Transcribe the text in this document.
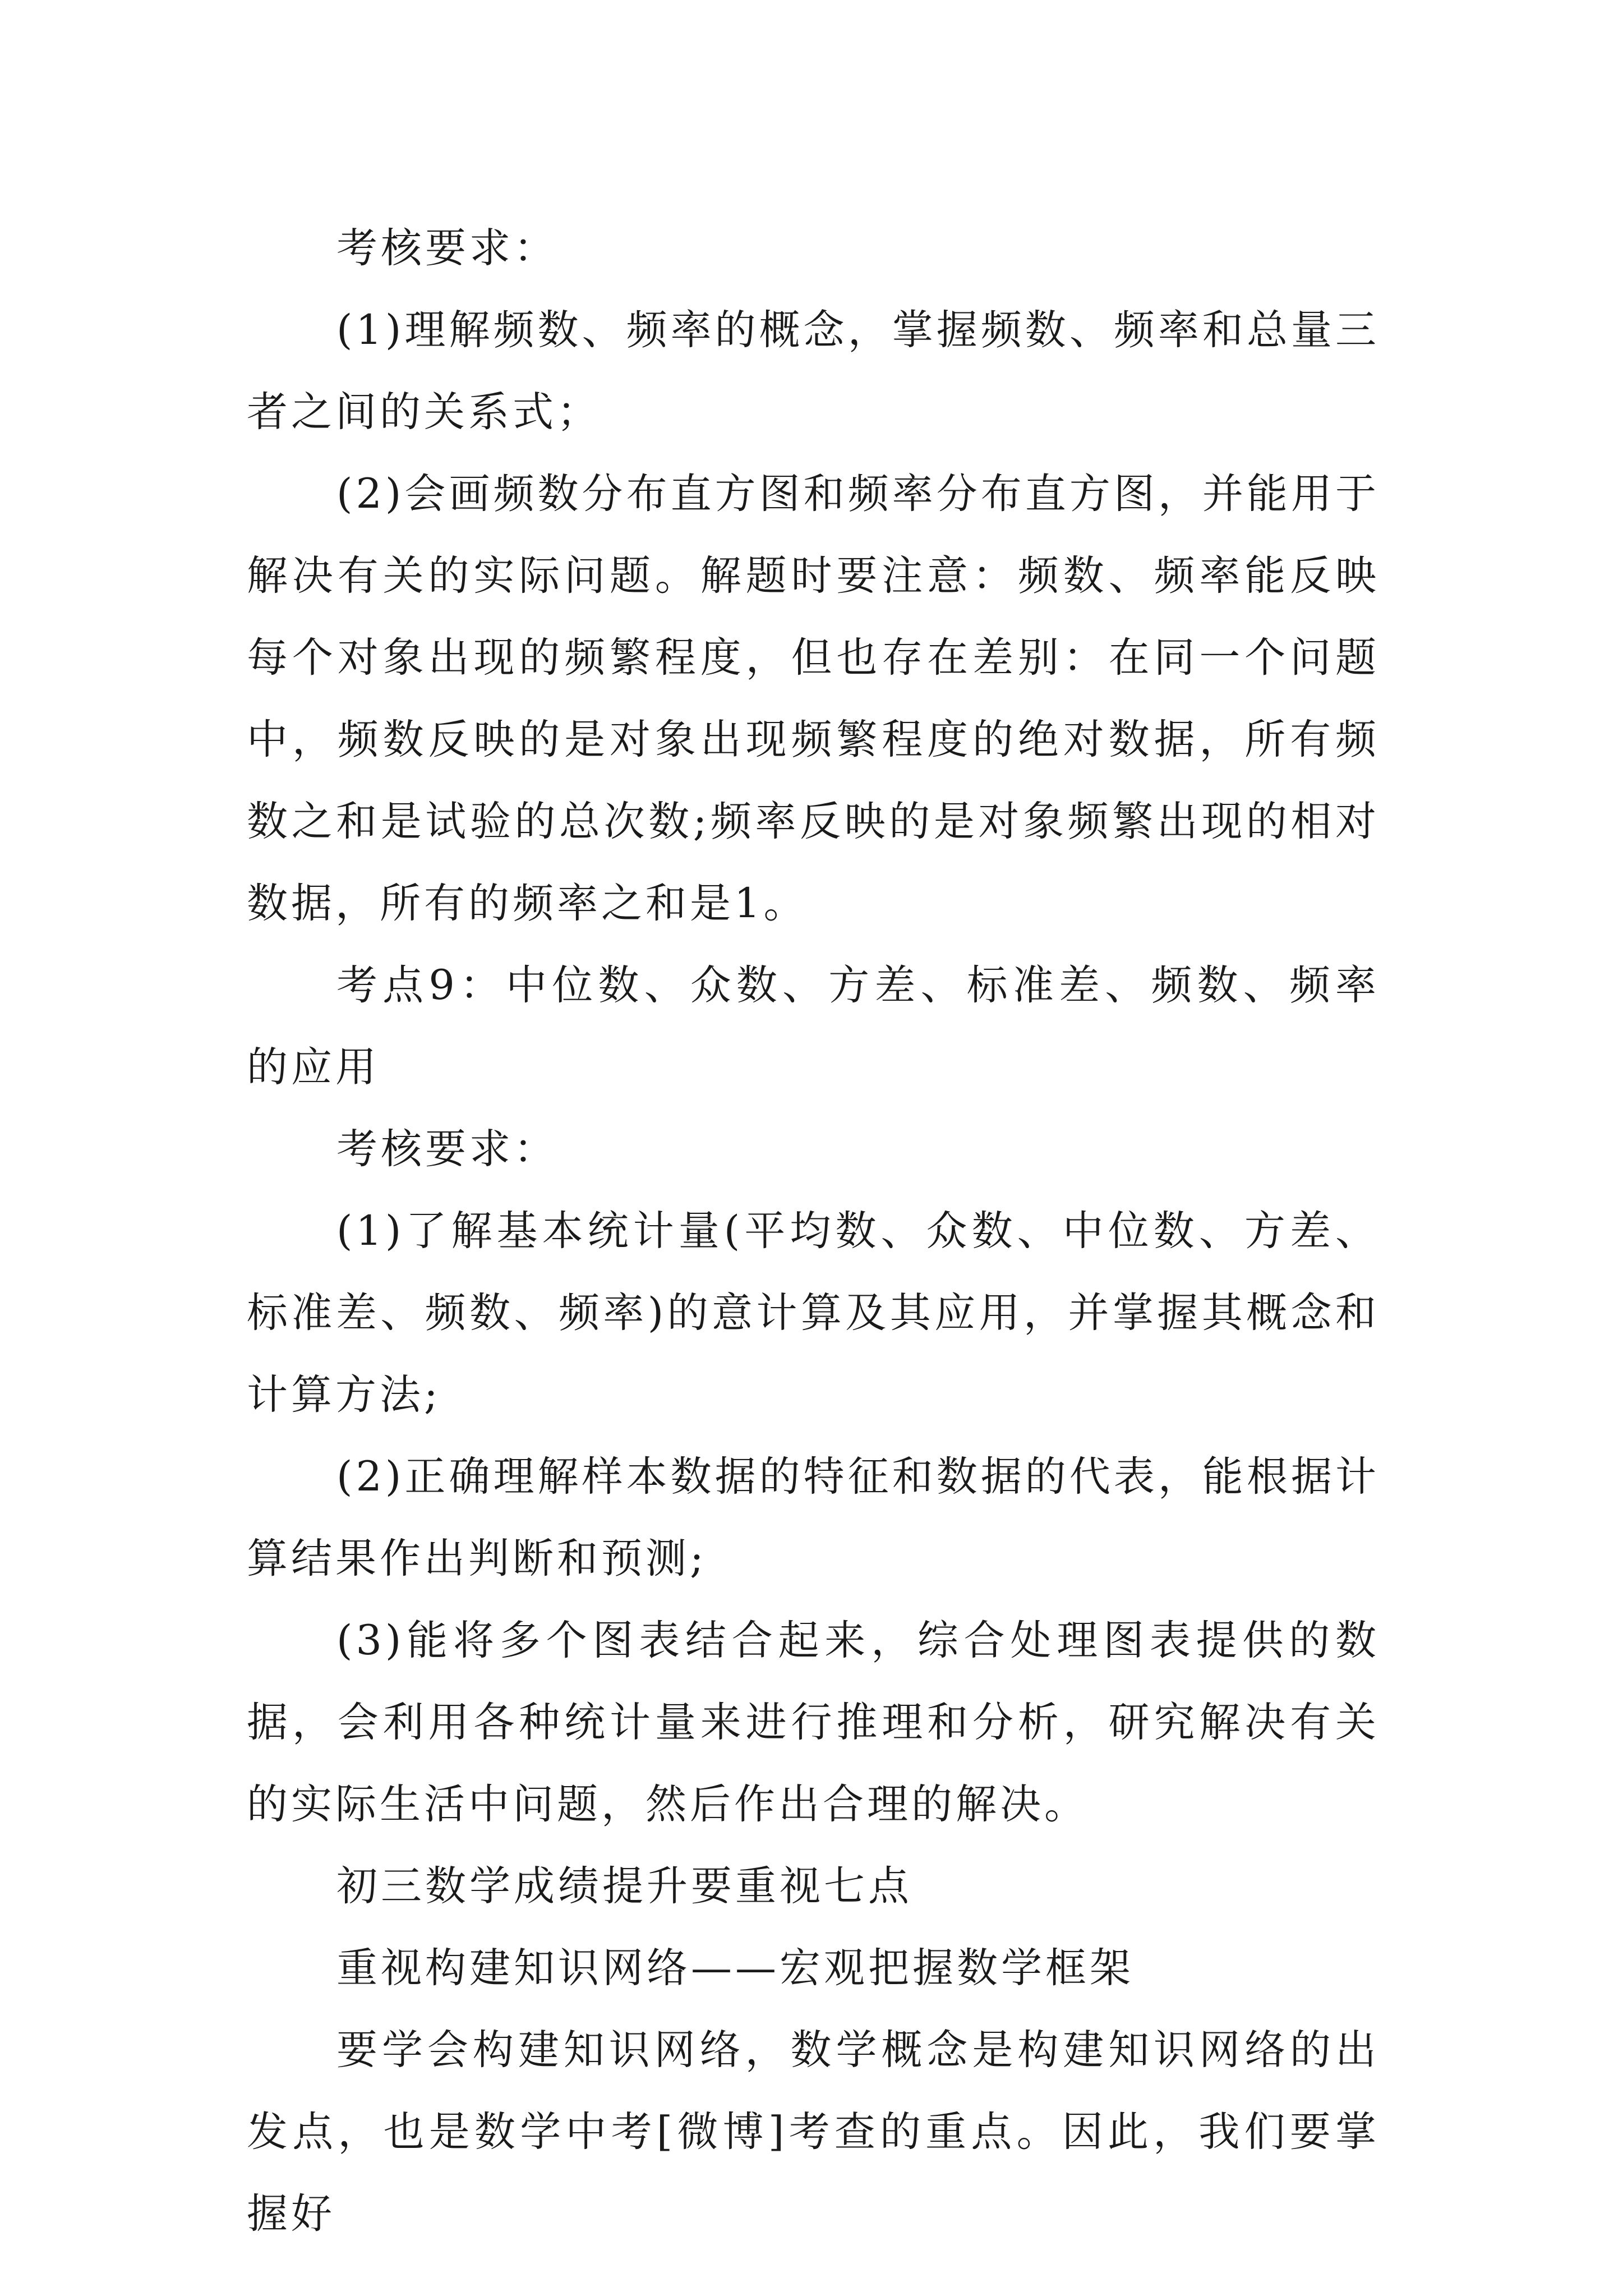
考核要求：

(1)理解频数、频率的概念，掌握频数、频率和总量三者之间的关系式；

(2)会画频数分布直方图和频率分布直方图，并能用于解决有关的实际问题。解题时要注意：频数、频率能反映每个对象出现的频繁程度，但也存在差别：在同一个问题中，频数反映的是对象出现频繁程度的绝对数据，所有频数之和是试验的总次数;频率反映的是对象频繁出现的相对数据，所有的频率之和是1。

考点9：中位数、众数、方差、标准差、频数、频率的应用

考核要求：

(1)了解基本统计量(平均数、众数、中位数、方差、标准差、频数、频率)的意计算及其应用，并掌握其概念和计算方法;

(2)正确理解样本数据的特征和数据的代表，能根据计算结果作出判断和预测;

(3)能将多个图表结合起来，综合处理图表提供的数据，会利用各种统计量来进行推理和分析，研究解决有关的实际生活中问题，然后作出合理的解决。

初三数学成绩提升要重视七点

重视构建知识网络——宏观把握数学框架

要学会构建知识网络，数学概念是构建知识网络的出发点，也是数学中考[微博]考查的重点。因此，我们要掌握好
